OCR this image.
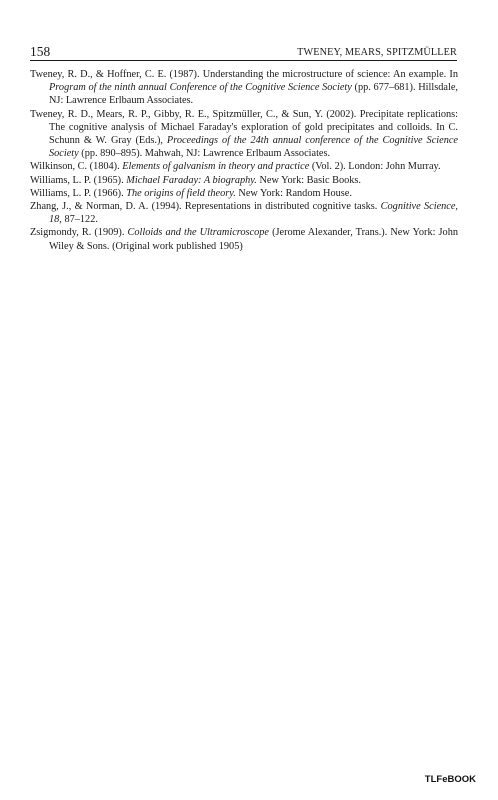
158	TWENEY, MEARS, SPITZMÜLLER
Tweney, R. D., & Hoffner, C. E. (1987). Understanding the microstructure of science: An example. In Program of the ninth annual Conference of the Cognitive Science Society (pp. 677–681). Hillsdale, NJ: Lawrence Erlbaum Associates.
Tweney, R. D., Mears, R. P., Gibby, R. E., Spitzmüller, C., & Sun, Y. (2002). Precipitate replications: The cognitive analysis of Michael Faraday's exploration of gold precipitates and colloids. In C. Schunn & W. Gray (Eds.), Proceedings of the 24th annual conference of the Cognitive Science Society (pp. 890–895). Mahwah, NJ: Lawrence Erlbaum Associates.
Wilkinson, C. (1804). Elements of galvanism in theory and practice (Vol. 2). London: John Murray.
Williams, L. P. (1965). Michael Faraday: A biography. New York: Basic Books.
Williams, L. P. (1966). The origins of field theory. New York: Random House.
Zhang, J., & Norman, D. A. (1994). Representations in distributed cognitive tasks. Cognitive Science, 18, 87–122.
Zsigmondy, R. (1909). Colloids and the Ultramicroscope (Jerome Alexander, Trans.). New York: John Wiley & Sons. (Original work published 1905)
TLFeBOOK
